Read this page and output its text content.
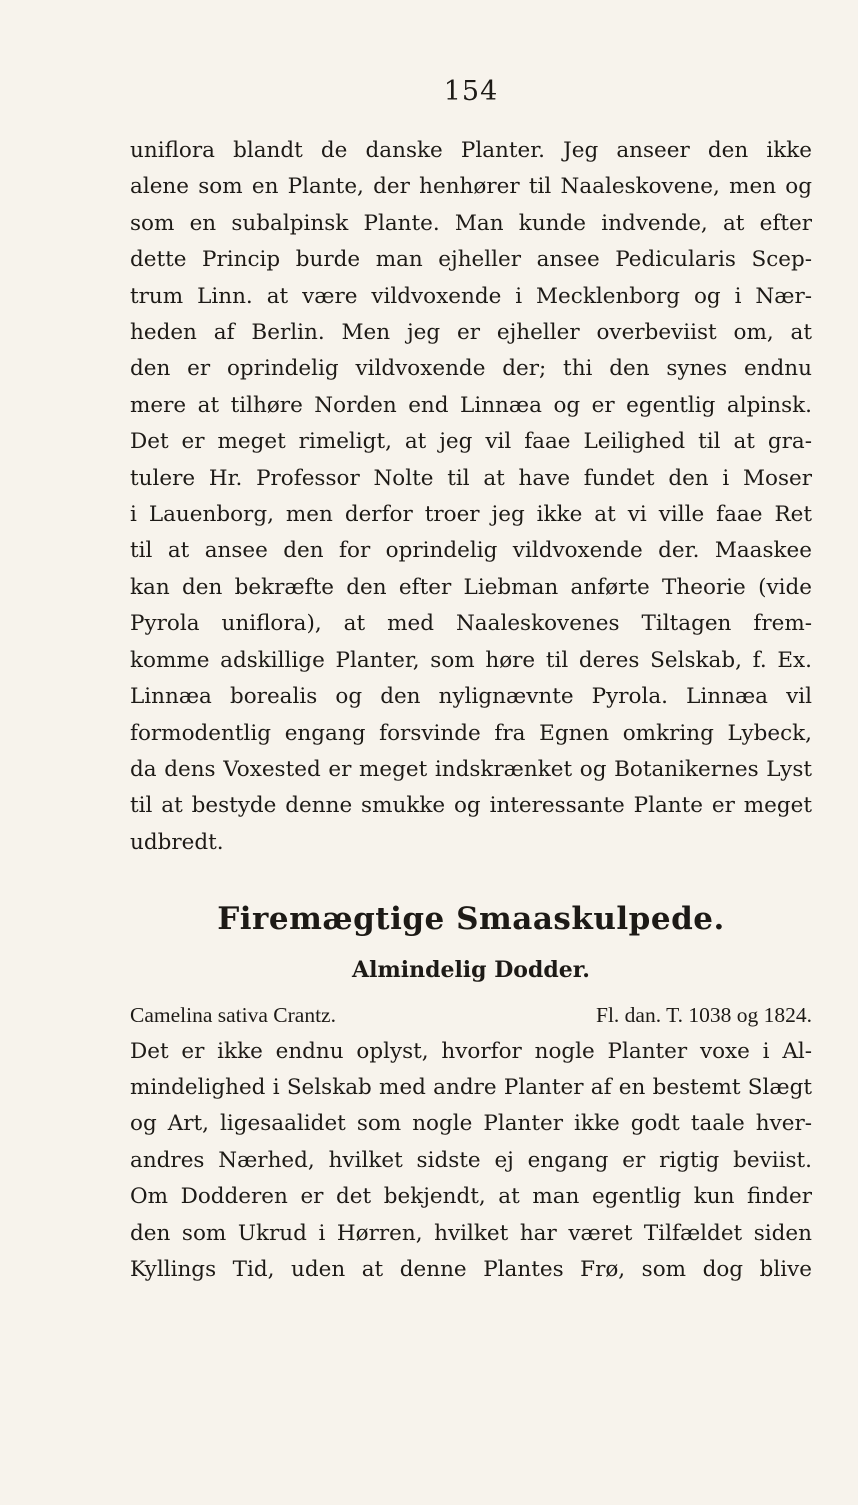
154
uniflora blandt de danske Planter. Jeg anseer den ikke
alene som en Plante, der henhører til Naaleskovene, men og
som en subalpinsk Plante. Man kunde indvende, at efter
dette Princip burde man ejheller ansee Pedicularis Scep-
trum Linn. at være vildvoxende i Mecklenborg og i Nær-
heden af Berlin. Men jeg er ejheller overbeviist om, at
den er oprindelig vildvoxende der; thi den synes endnu
mere at tilhøre Norden end Linnæa og er egentlig alpinsk.
Det er meget rimeligt, at jeg vil faae Leilighed til at gra-
tulere Hr. Professor Nolte til at have fundet den i Moser
i Lauenborg, men derfor troer jeg ikke at vi ville faae Ret
til at ansee den for oprindelig vildvoxende der. Maaskee
kan den bekræfte den efter Liebman anførte Theorie (vide
Pyrola uniflora), at med Naaleskovenes Tiltagen frem-
komme adskillige Planter, som høre til deres Selskab, f. Ex.
Linnæa borealis og den nylignævnte Pyrola. Linnæa vil
formodentlig engang forsvinde fra Egnen omkring Lybeck,
da dens Voxested er meget indskrænket og Botanikernes Lyst
til at bestyde denne smukke og interessante Plante er meget
udbredt.
Firemægtige Smaaskulpede.
Almindelig Dodder.
Camelina sativa Crantz.	Fl. dan. T. 1038 og 1824.
Det er ikke endnu oplyst, hvorfor nogle Planter voxe i Al-
mindelighed i Selskab med andre Planter af en bestemt Slægt
og Art, ligesaalidet som nogle Planter ikke godt taale hver-
andres Nærhed, hvilket sidste ej engang er rigtig beviist.
Om Dodderen er det bekjendt, at man egentlig kun finder
den som Ukrud i Hørren, hvilket har været Tilfældet siden
Kyllings Tid, uden at denne Plantes Frø, som dog blive
